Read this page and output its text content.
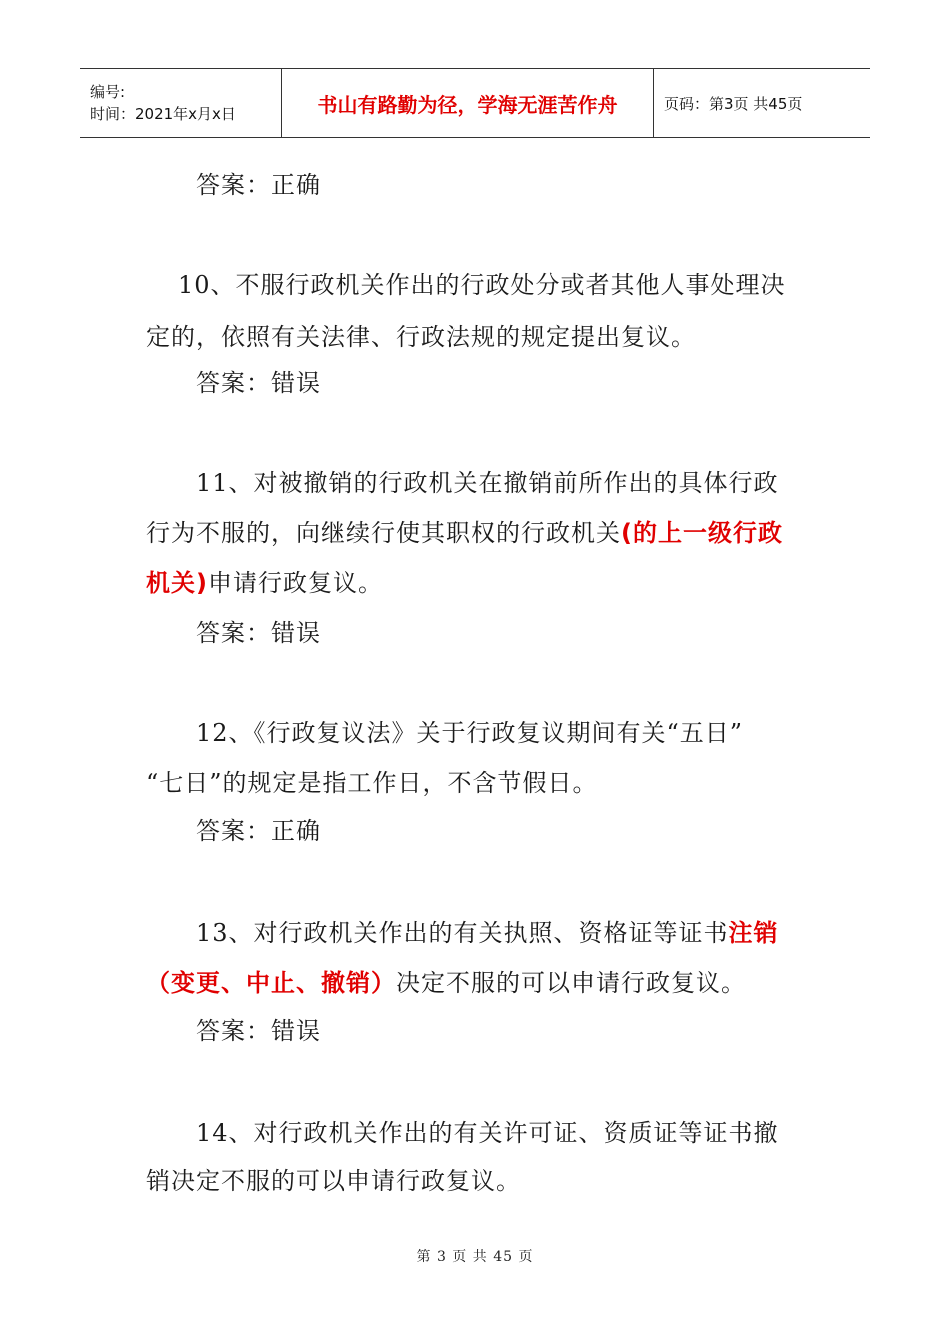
编号:
时间：2021年x月x日	书山有路勤为径，学海无涯苦作舟	页码：第3页 共45页
答案：正确
10、不服行政机关作出的行政处分或者其他人事处理决
定的，依照有关法律、行政法规的规定提出复议。
答案：错误
11、对被撤销的行政机关在撤销前所作出的具体行政
行为不服的，向继续行使其职权的行政机关(的上一级行政
机关)申请行政复议。
答案：错误
12、《行政复议法》关于行政复议期间有关“五日”
“七日”的规定是指工作日，不含节假日。
答案：正确
13、对行政机关作出的有关执照、资格证等证书注销
（变更、中止、撤销）决定不服的可以申请行政复议。
答案：错误
14、对行政机关作出的有关许可证、资质证等证书撤
销决定不服的可以申请行政复议。
第 3 页 共 45 页
